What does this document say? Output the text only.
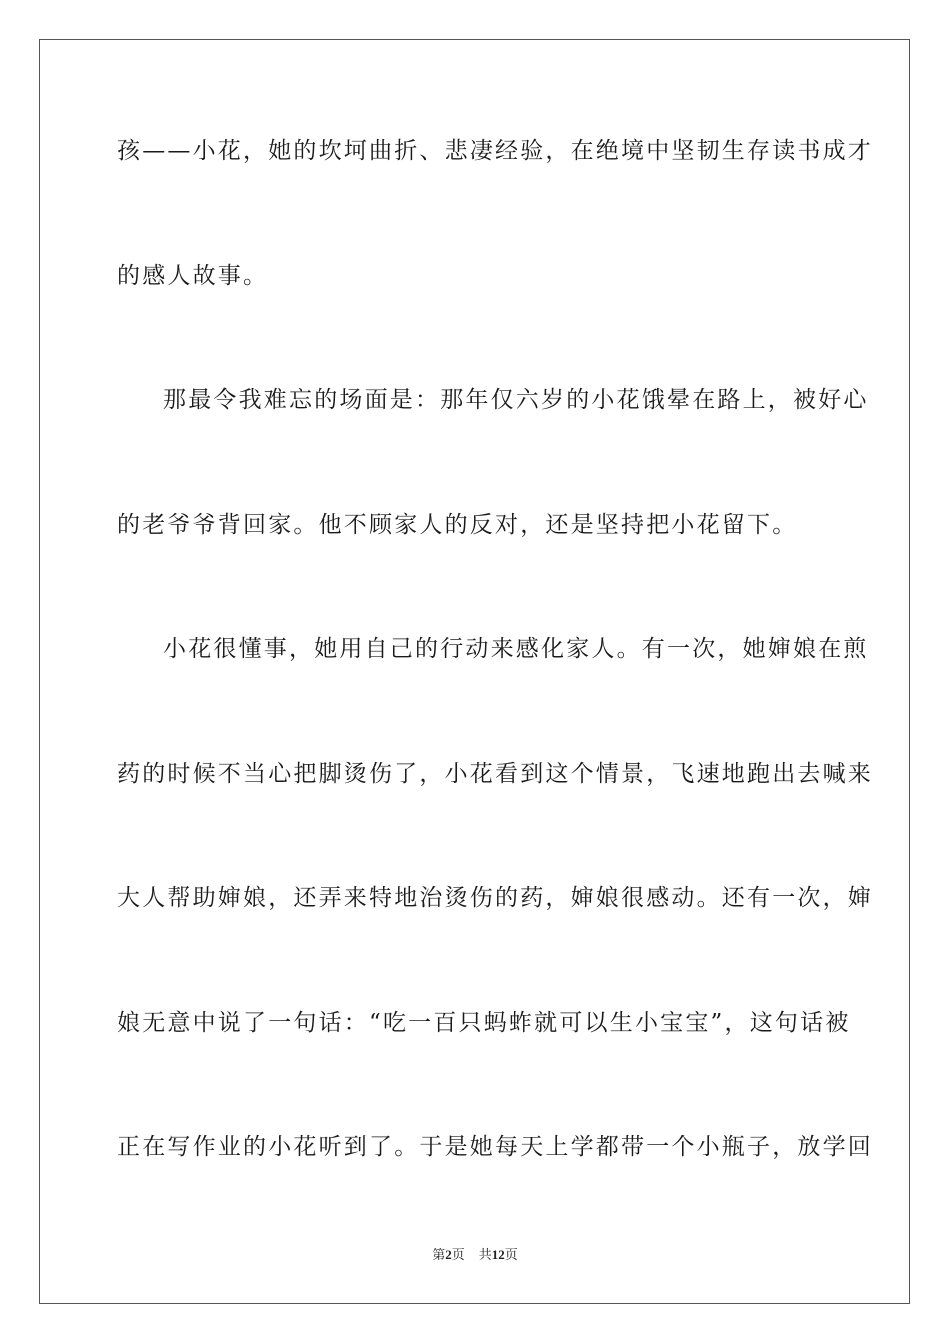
孩——小花，她的坎坷曲折、悲凄经验，在绝境中坚韧生存读书成才
的感人故事。
那最令我难忘的场面是：那年仅六岁的小花饿晕在路上，被好心
的老爷爷背回家。他不顾家人的反对，还是坚持把小花留下。
小花很懂事，她用自己的行动来感化家人。有一次，她婶娘在煎
药的时候不当心把脚烫伤了，小花看到这个情景，飞速地跑出去喊来
大人帮助婶娘，还弄来特地治烫伤的药，婶娘很感动。还有一次，婶
娘无意中说了一句话：“吃一百只蚂蚱就可以生小宝宝”，这句话被
正在写作业的小花听到了。于是她每天上学都带一个小瓶子，放学回
第2页 共12页
